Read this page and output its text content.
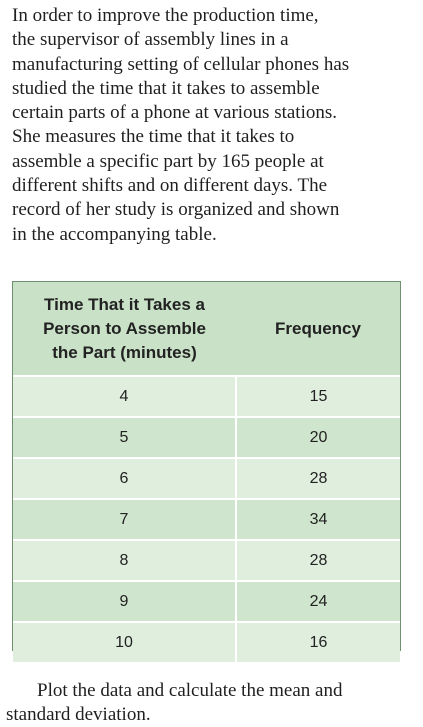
In order to improve the production time,
the supervisor of assembly lines in a
manufacturing setting of cellular phones has
studied the time that it takes to assemble
certain parts of a phone at various stations.
She measures the time that it takes to
assemble a specific part by 165 people at
different shifts and on different days. The
record of her study is organized and shown
in the accompanying table.
Time That it Takes a
Person to Assemble
the Part (minutes)	Frequency
4	15
5	20
6	28
7	34
8	28
9	24
10	16
Plot the data and calculate the mean and
standard deviation.
